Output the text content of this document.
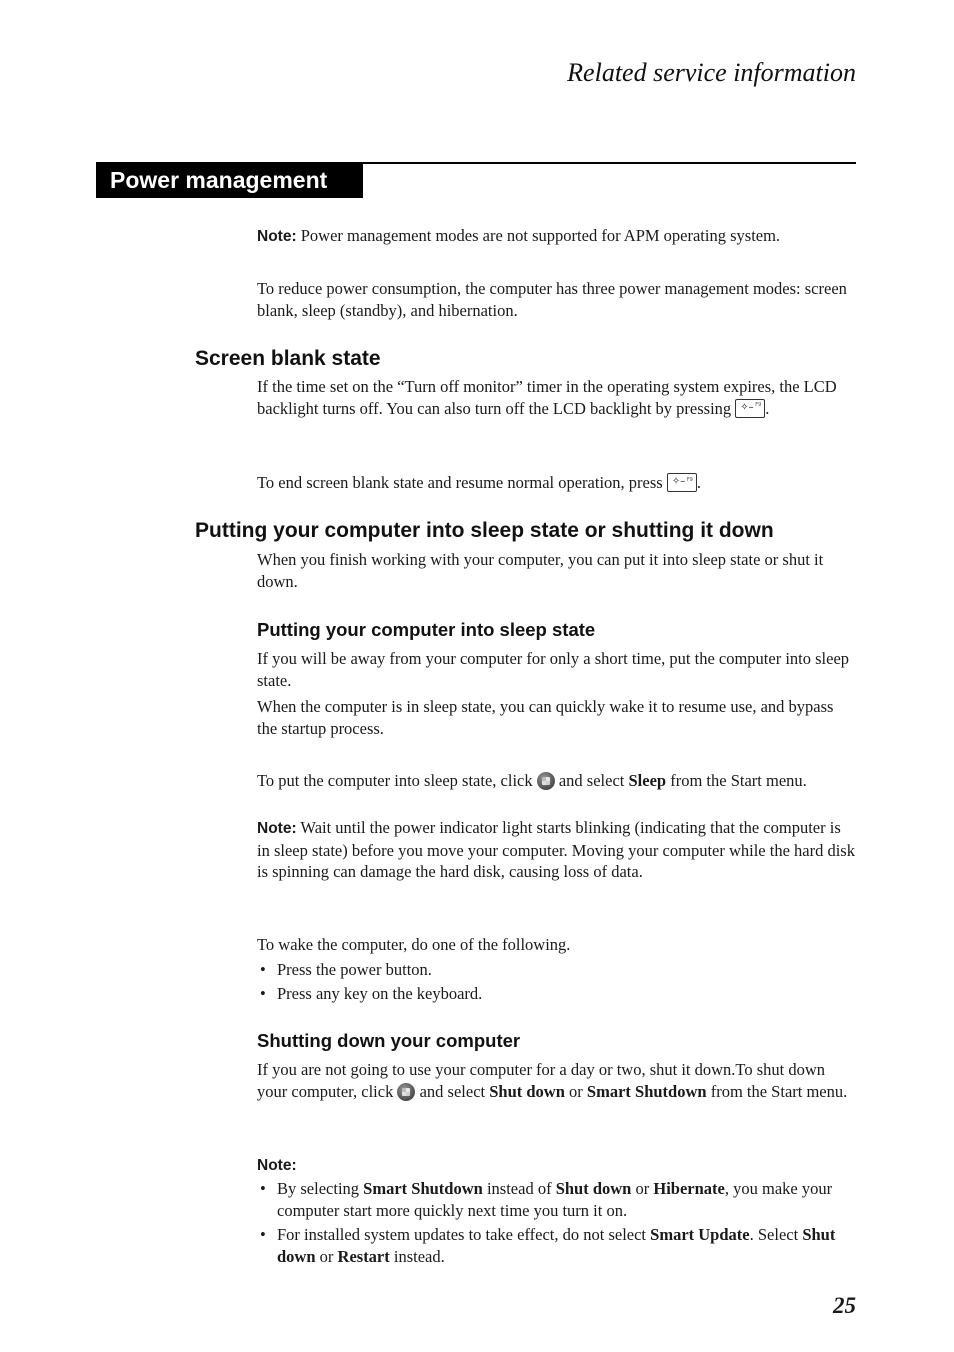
Related service information
Power management
Note: Power management modes are not supported for APM operating system.
To reduce power consumption, the computer has three power management modes: screen blank, sleep (standby), and hibernation.
Screen blank state
If the time set on the “Turn off monitor” timer in the operating system expires, the LCD backlight turns off. You can also turn off the LCD backlight by pressing ✧– F9 .
To end screen blank state and resume normal operation, press ✧– F9 .
Putting your computer into sleep state or shutting it down
When you finish working with your computer, you can put it into sleep state or shut it down.
Putting your computer into sleep state
If you will be away from your computer for only a short time, put the computer into sleep state.
When the computer is in sleep state, you can quickly wake it to resume use, and bypass the startup process.
To put the computer into sleep state, click  and select Sleep from the Start menu.
Note: Wait until the power indicator light starts blinking (indicating that the computer is in sleep state) before you move your computer. Moving your computer while the hard disk is spinning can damage the hard disk, causing loss of data.
To wake the computer, do one of the following.
• Press the power button.
• Press any key on the keyboard.
Shutting down your computer
If you are not going to use your computer for a day or two, shut it down.To shut down your computer, click  and select Shut down or Smart Shutdown from the Start menu.
Note:
• By selecting Smart Shutdown instead of Shut down or Hibernate, you make your computer start more quickly next time you turn it on.
• For installed system updates to take effect, do not select Smart Update. Select Shut down or Restart instead.
25
